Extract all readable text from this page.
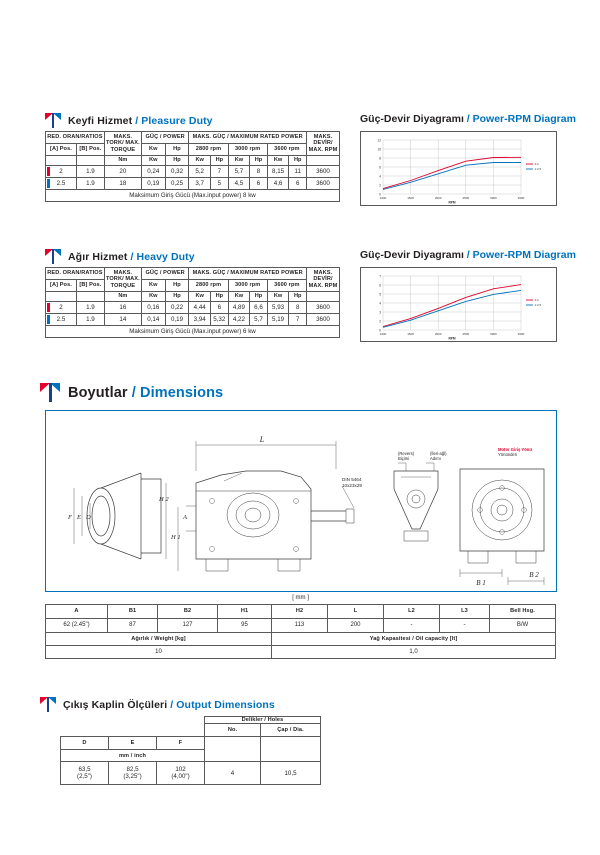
Keyfi Hizmet / Pleasure Duty	Güç-Devir Diyagramı / Power-RPM Diagram
RED. ORAN/RATIOS		MAKS. TORK/ MAX. TORQUE	GÜÇ / POWER		MAKS. GÜÇ / MAXIMUM RATED POWER						MAKS. DEVİR/ MAX. RPM
[A] Pos.	[B] Pos.		Kw	Hp	2800 rpm		3000 rpm		3600 rpm		
		Nm	Kw	Hp	Kw	Hp	Kw	Hp	Kw	Hp	

2	1.9	20	0,24	0,32	5,2	7	5,7	8	8,15	11	3600

2.5	1.9	18	0,19	0,25	3,7	5	4,5	6	4,6	6	3600
Maksimum Giriş Gücü (Max.input power) 8 kw											
12
10
8
6
4
2
0
1000	1500	2000	2500	3000	3600
RPM
1:2
1:2,5
Ağır Hizmet / Heavy Duty	Güç-Devir Diyagramı / Power-RPM Diagram
RED. ORAN/RATIOS		MAKS. TORK/ MAX. TORQUE	GÜÇ / POWER		MAKS. GÜÇ / MAXIMUM RATED POWER						MAKS. DEVİR/ MAX. RPM
[A] Pos.	[B] Pos.		Kw	Hp	2800 rpm		3000 rpm		3600 rpm		
		Nm	Kw	Hp	Kw	Hp	Kw	Hp	Kw	Hp	

2	1.9	16	0,16	0,22	4,44	6	4,89	6,6	5,93	8	3600

2.5	1.9	14	0,14	0,19	3,94	5,32	4,22	5,7	5,19	7	3600
Maksimum Giriş Gücü (Max.input power) 6 kw											
7
6
5
4
3
2
0
1000	1500	2000	2500	3000	3600
RPM
1:2
1:2,5
Boyutlar / Dimensions
F E D
L
H 2
H 1
A
DIN 5464
10x23x29
(Revers)
Biçimi
(İleri-ağl)
Adımı
Motor Giriş Yönü
Yönünden
B 1
B 2
[ mm ]								
A	B1	B2	H1	H2	L	L2	L3	Bell Hsg.
62 (2.45")	87	127	95	113	200	-	-	B/W
Ağırlık / Weight [kg]				Yağ Kapasitesi / Oil capacity [lt]				
10				1,0				
Çıkış Kaplin Ölçüleri / Output Dimensions
			Delikler / Holes	
			No.	Çap / Dia.
D	E	F		
mm / inch				
63,5
(2,5")	82,5
(3,25")	102
(4,00")	4	10,5
